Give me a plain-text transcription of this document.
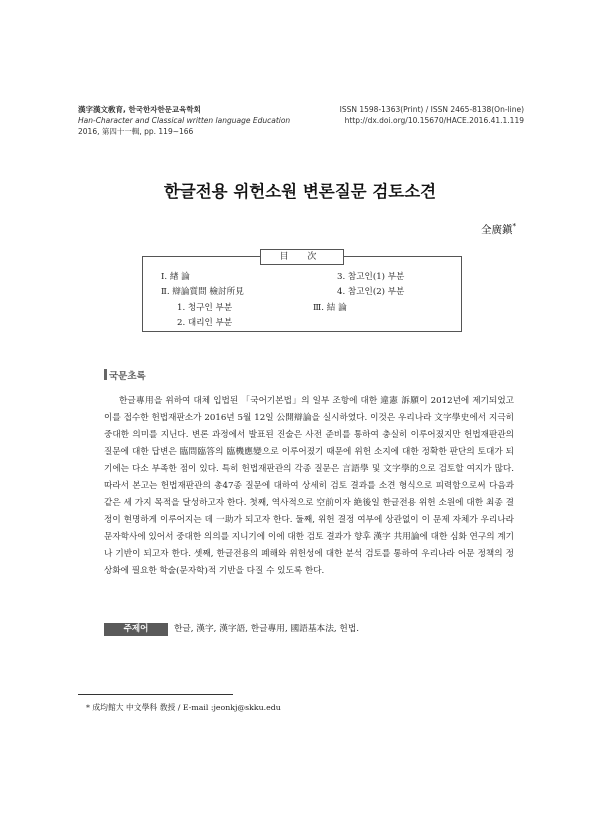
漢字漢文敎育, 한국한자한문교육학회
Han-Character and Classical written language Education
2016, 第四十一輯, pp. 119~166
ISSN 1598-1363(Print) / ISSN 2465-8138(On-line)
http://dx.doi.org/10.15670/HACE.2016.41.1.119
한글전용 위헌소원 변론질문 검토소견
全廣鎭*
目 次
Ⅰ. 緖 論
Ⅱ. 辯論質問 檢討所見
1. 청구인 부분
2. 대리인 부분
3. 참고인(1) 부분
4. 참고인(2) 부분
Ⅲ. 結 論
국문초록

한글專用을 위하여 대체 입법된 「국어기본법」의 일부 조항에 대한 違憲 訴願이 2012년에 제기되었고 이를 접수한 헌법재판소가 2016년 5월 12일 公開辯論을 실시하였다. 이것은 우리나라 文字學史에서 지극히 중대한 의미를 지닌다. 변론 과정에서 발표된 진술은 사전 준비를 통하여 충실히 이루어졌지만 헌법재판관의 질문에 대한 답변은 臨問臨答의 臨機應變으로 이루어졌기 때문에 위헌 소지에 대한 정확한 판단의 토대가 되기에는 다소 부족한 점이 있다. 특히 헌법재판관의 각종 질문은 言語學 및 文字學的으로 검토할 여지가 많다. 따라서 본고는 헌법재판관의 총47종 질문에 대하여 상세히 검토 결과를 소견 형식으로 피력함으로써 다음과 같은 세 가지 목적을 달성하고자 한다. 첫째, 역사적으로 空前이자 絶後일 한글전용 위헌 소원에 대한 최종 결정이 현명하게 이루어지는 데 一助가 되고자 한다. 둘째, 위헌 결정 여부에 상관없이 이 문제 자체가 우리나라 문자학사에 있어서 중대한 의의를 지니기에 이에 대한 검토 결과가 향후 漢字 共用論에 대한 심화 연구의 계기나 기반이 되고자 한다. 셋째, 한글전용의 폐해와 위헌성에 대한 분석 검토를 통하여 우리나라 어문 정책의 정상화에 필요한 학술(문자학)적 기반을 다질 수 있도록 한다.

주제어	한글, 漢字, 漢字語, 한글專用, 國語基本法, 헌법.
* 成均館大 中文學科 敎授 / E-mail :jeonkj@skku.edu
